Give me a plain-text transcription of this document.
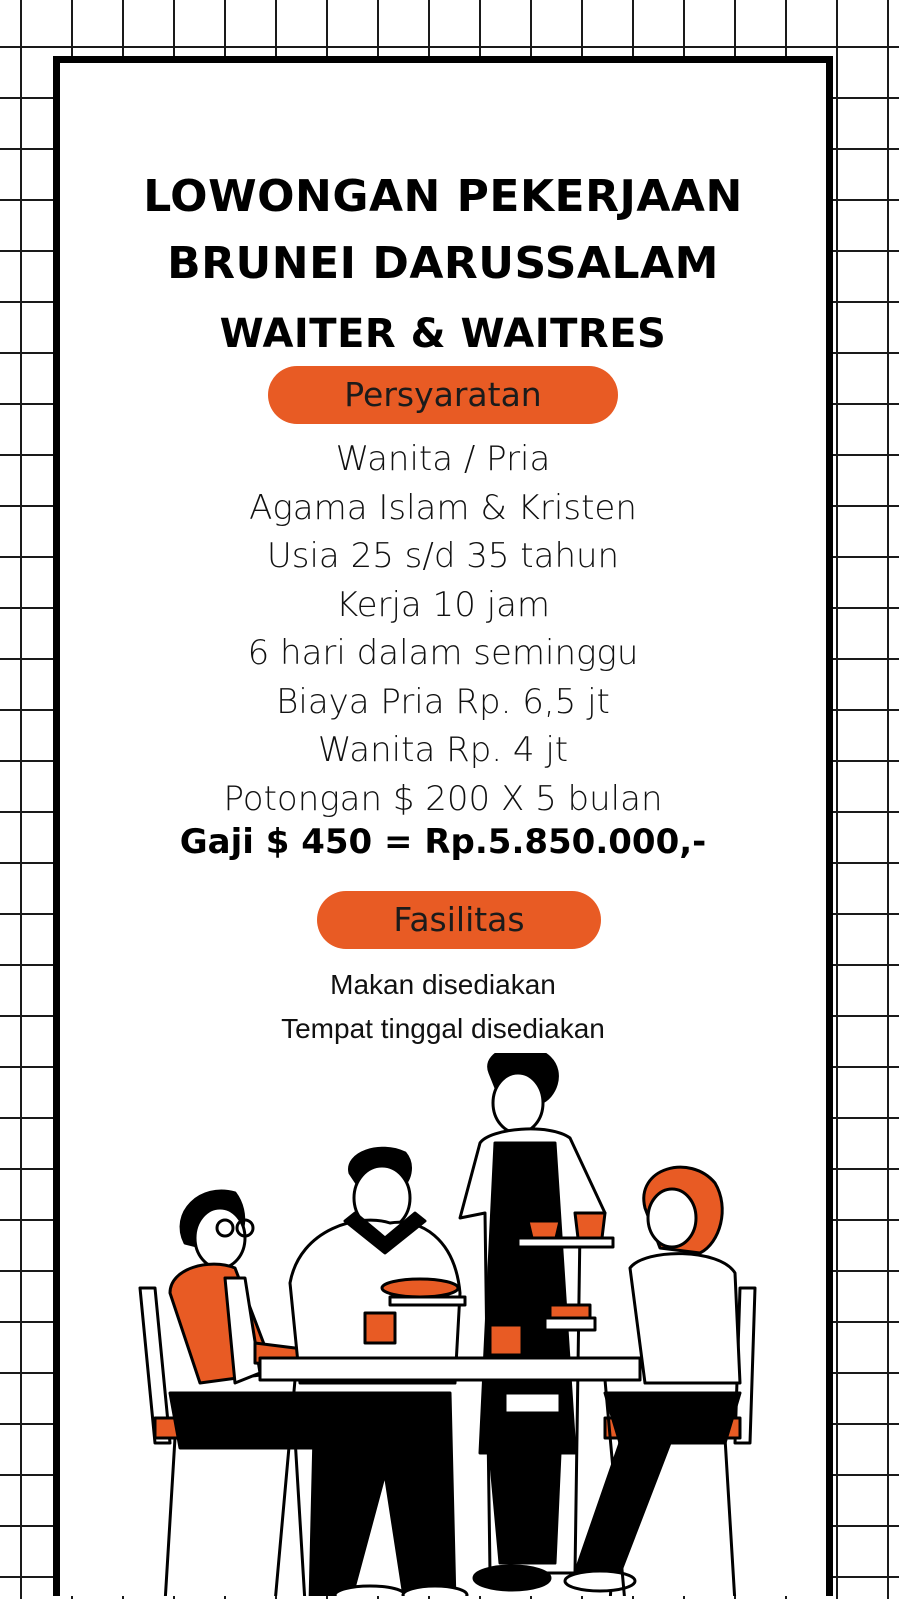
LOWONGAN PEKERJAAN
BRUNEI DARUSSALAM
WAITER & WAITRES
Persyaratan
Wanita / Pria
Agama Islam & Kristen
Usia 25 s/d 35 tahun
Kerja 10 jam
6 hari dalam seminggu
Biaya Pria Rp. 6,5 jt
Wanita Rp. 4 jt
Potongan $ 200 X 5 bulan

Gaji $ 450 = Rp.5.850.000,-

Fasilitas
Makan disediakan
Tempat tinggal disediakan
